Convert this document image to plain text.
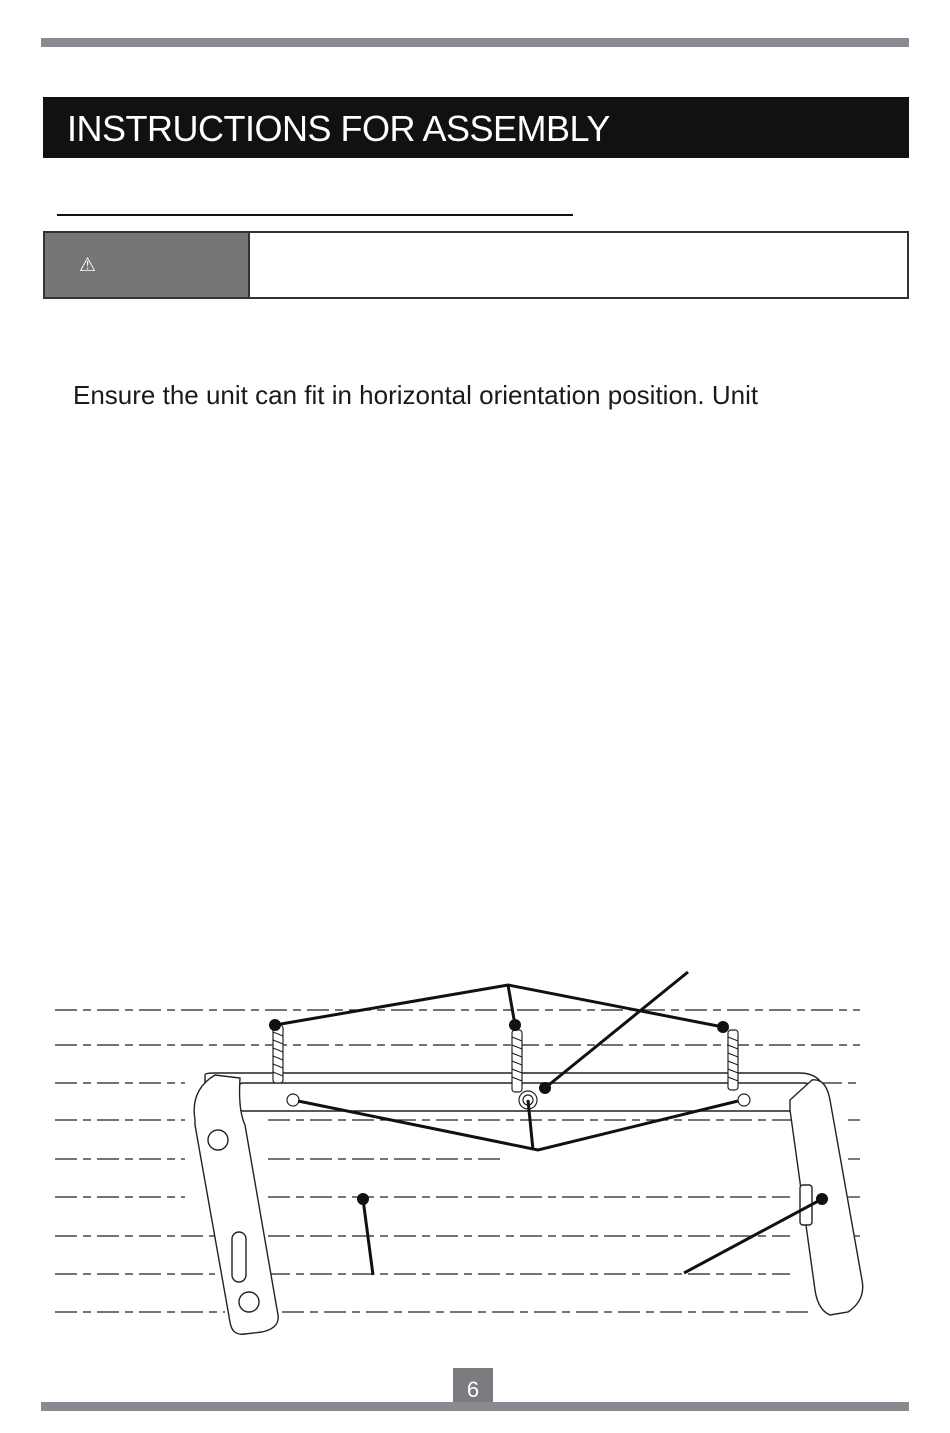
INSTRUCTIONS FOR ASSEMBLY
⚠
Ensure the unit can fit in horizontal orientation position. Unit
6
